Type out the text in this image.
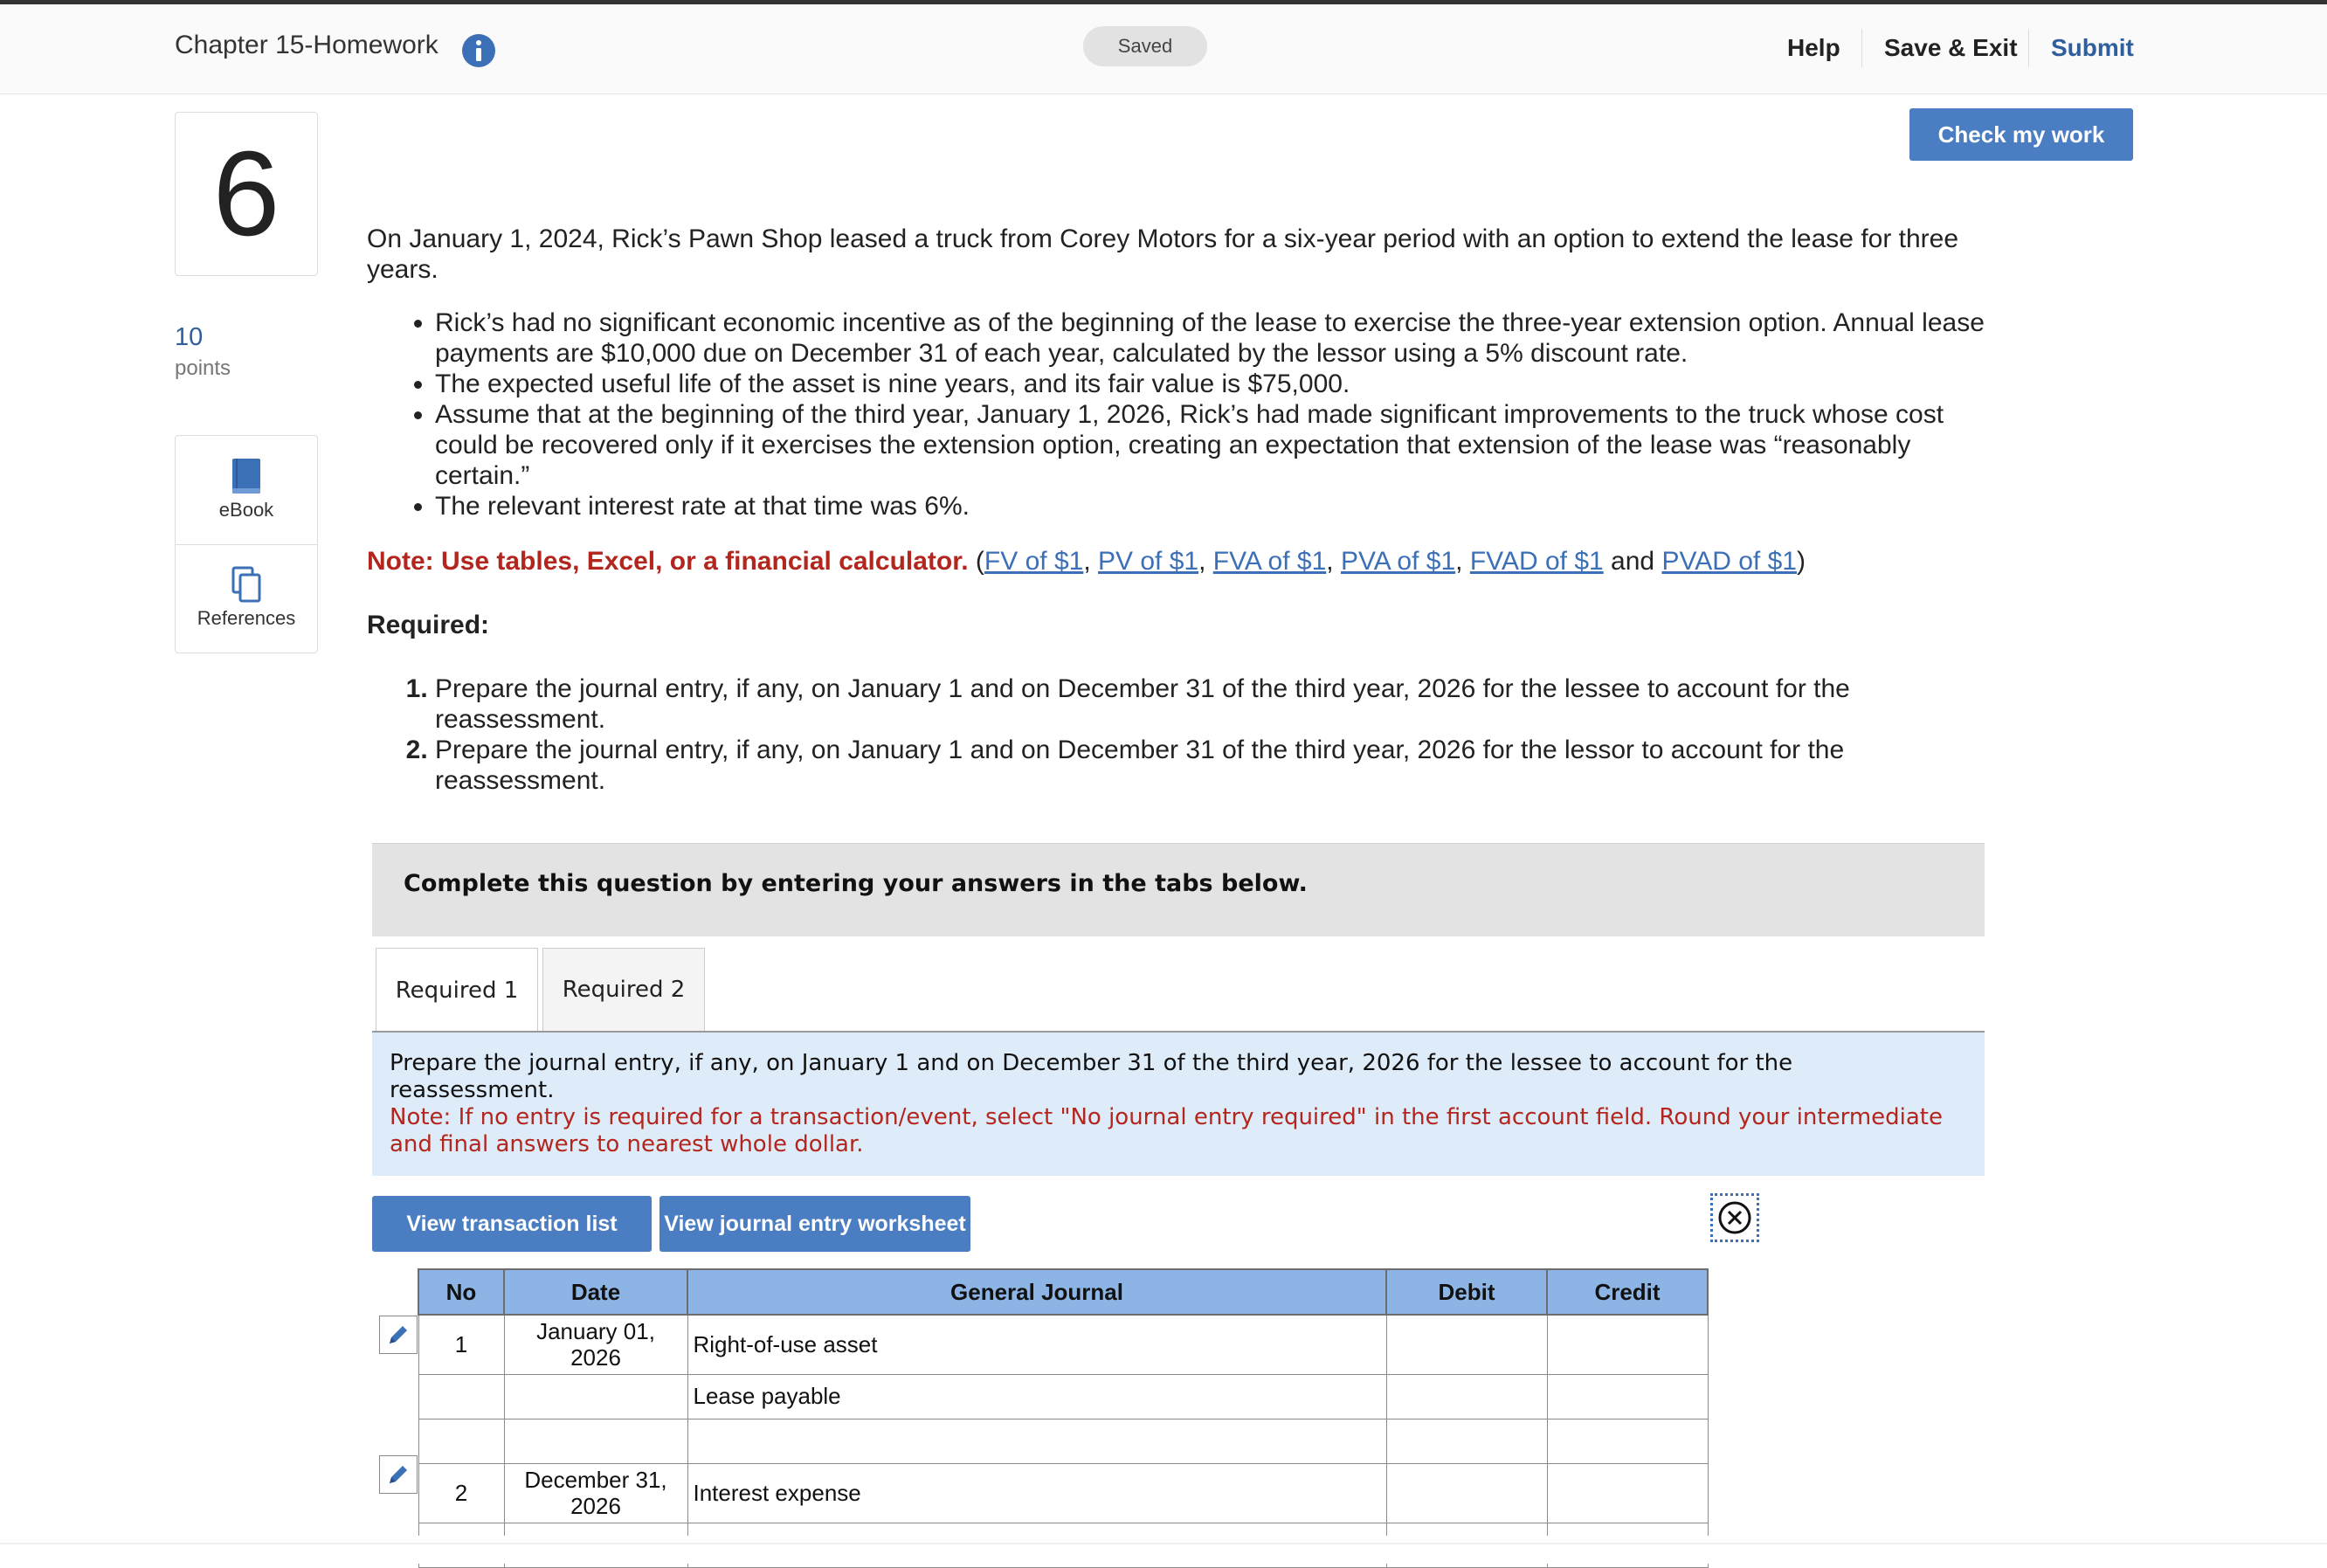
Chapter 15-Homework	Saved	Help Save & Exit Submit
Check my work
6
10
points
eBook
References

On January 1, 2024, Rick’s Pawn Shop leased a truck from Corey Motors for a six-year period with an option to extend the lease for three years.

• Rick’s had no significant economic incentive as of the beginning of the lease to exercise the three-year extension option. Annual lease payments are $10,000 due on December 31 of each year, calculated by the lessor using a 5% discount rate.
• The expected useful life of the asset is nine years, and its fair value is $75,000.
• Assume that at the beginning of the third year, January 1, 2026, Rick’s had made significant improvements to the truck whose cost could be recovered only if it exercises the extension option, creating an expectation that extension of the lease was “reasonably certain.”
• The relevant interest rate at that time was 6%.

Note: Use tables, Excel, or a financial calculator. (FV of $1, PV of $1, FVA of $1, PVA of $1, FVAD of $1 and PVAD of $1)

Required:

1. Prepare the journal entry, if any, on January 1 and on December 31 of the third year, 2026 for the lessee to account for the reassessment.
2. Prepare the journal entry, if any, on January 1 and on December 31 of the third year, 2026 for the lessor to account for the reassessment.
Complete this question by entering your answers in the tabs below.
Required 1	Required 2
Prepare the journal entry, if any, on January 1 and on December 31 of the third year, 2026 for the lessee to account for the reassessment.
Note: If no entry is required for a transaction/event, select "No journal entry required" in the first account field. Round your intermediate and final answers to nearest whole dollar.
View transaction list	View journal entry worksheet
No	Date	General Journal	Debit	Credit
1	January 01, 2026	Right-of-use asset		
		Lease payable		

2	December 31, 2026	Interest expense		
